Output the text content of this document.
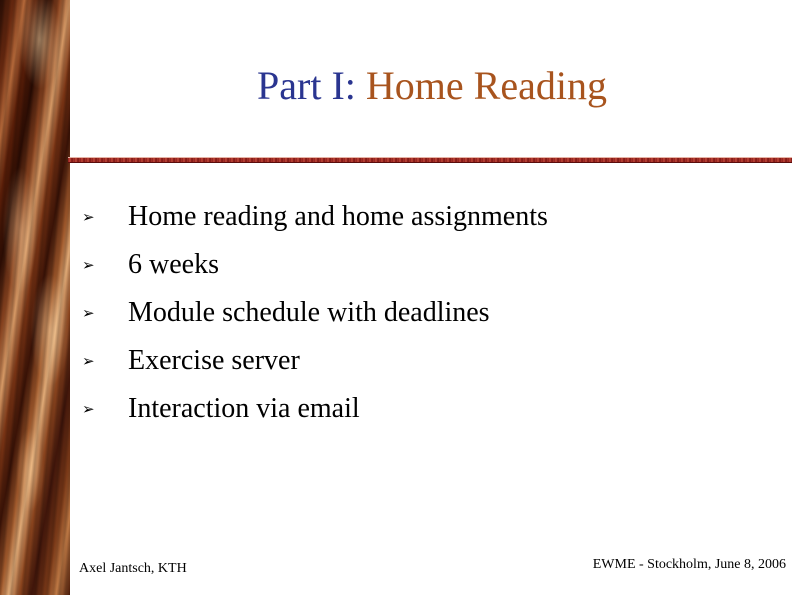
Part I: Home Reading
➢	Home reading and home assignments
➢	6 weeks
➢	Module schedule with deadlines
➢	Exercise server
➢	Interaction via email
Axel Jantsch, KTH	EWME - Stockholm, June 8, 2006
